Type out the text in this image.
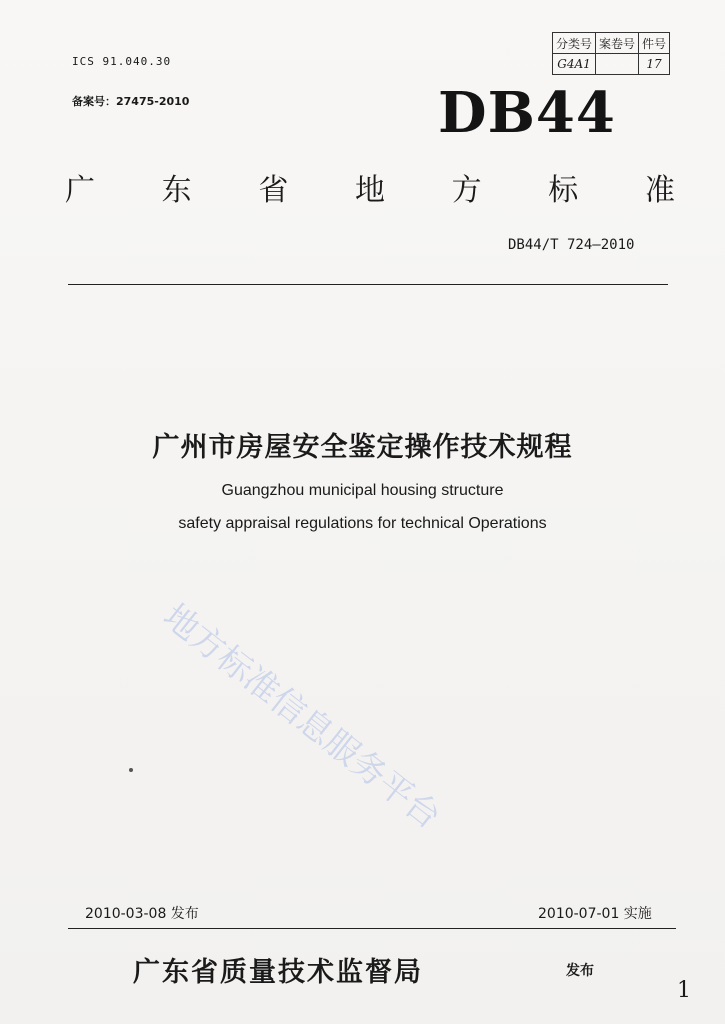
ICS 91.040.30
备案号：27475-2010
分类号	案卷号	件号
G4A1		17
DB44
广 东 省 地 方 标 准
DB44/T 724—2010
广州市房屋安全鉴定操作技术规程
Guangzhou municipal housing structure
safety appraisal regulations for technical Operations
地方标准信息服务平台
2010-03-08 发布	2010-07-01 实施
广东省质量技术监督局	发布
1
